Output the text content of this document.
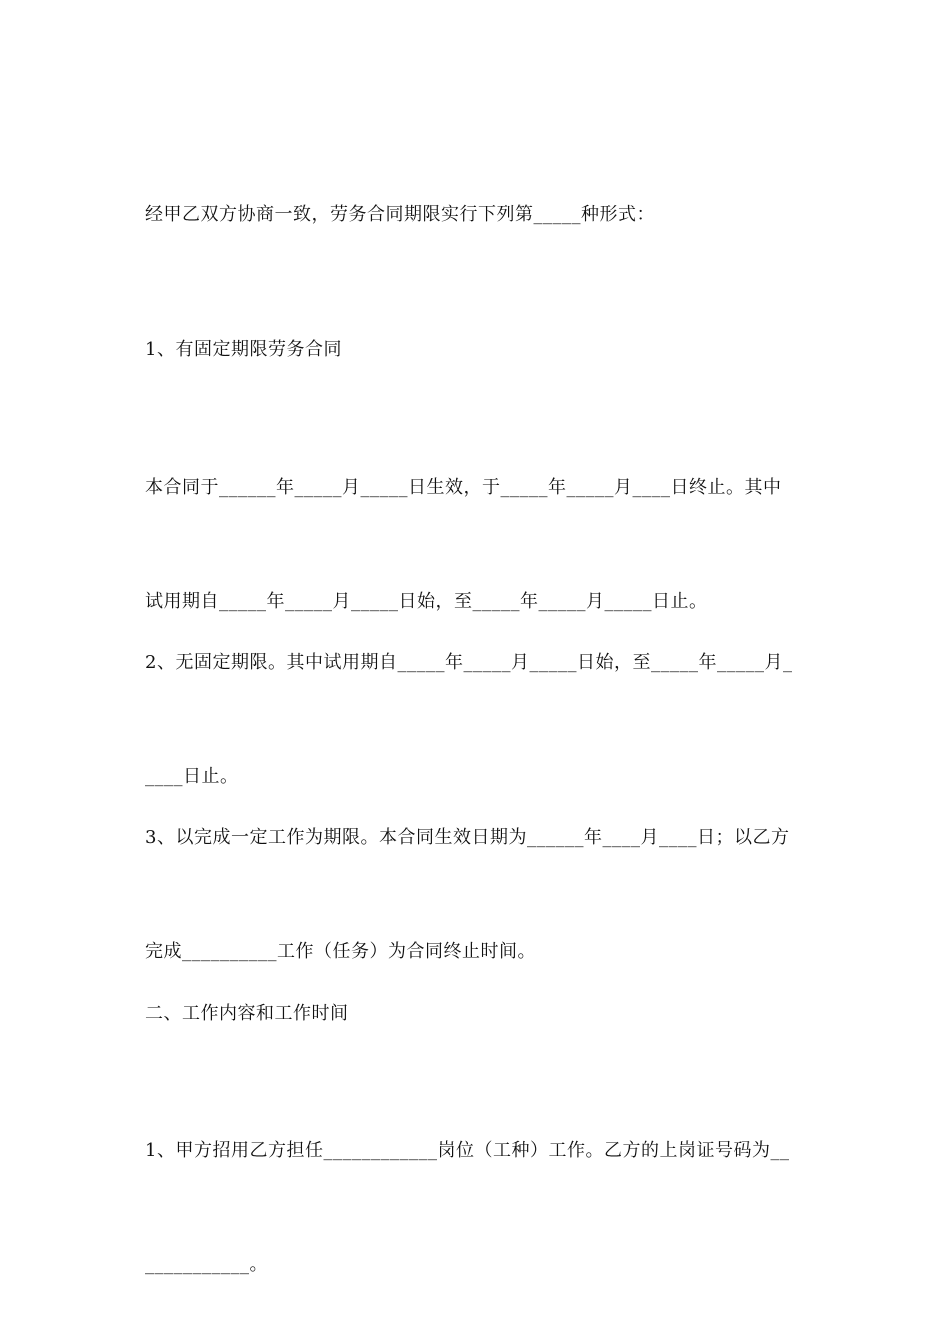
经甲乙双方协商一致，劳务合同期限实行下列第_____种形式：

1、有固定期限劳务合同

本合同于______年_____月_____日生效，于_____年_____月____日终止。其中

试用期自_____年_____月_____日始，至_____年_____月_____日止。

2、无固定期限。其中试用期自_____年_____月_____日始，至_____年_____月_

____日止。

3、以完成一定工作为期限。本合同生效日期为______年____月____日；以乙方

完成__________工作（任务）为合同终止时间。

二、工作内容和工作时间

1、甲方招用乙方担任____________岗位（工种）工作。乙方的上岗证号码为__

___________。
